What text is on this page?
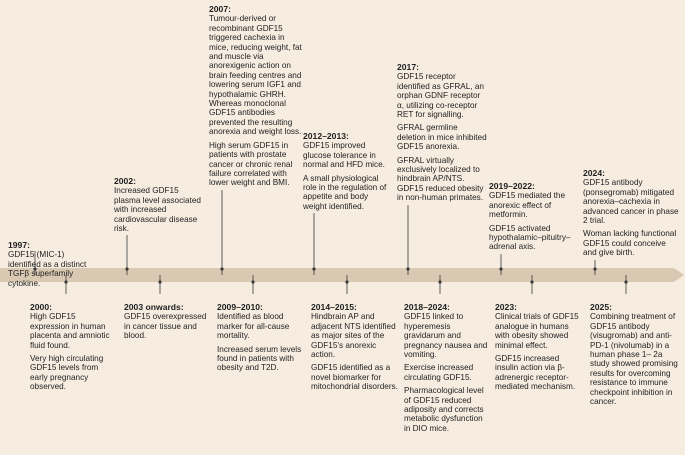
1997:
GDF15 (MIC-1) identified as a distinct TGFβ superfamily cytokine.
2002:
Increased GDF15 plasma level associated with increased cardiovascular disease risk.
2007:
Tumour-derived or recombinant GDF15 triggered cachexia in mice, reducing weight, fat and muscle via anorexigenic action on brain feeding centres and lowering serum IGF1 and hypothalamic GHRH. Whereas monoclonal GDF15 antibodies prevented the resulting anorexia and weight loss.
High serum GDF15 in patients with prostate cancer or chronic renal failure correlated with lower weight and BMI.
2012–2013:
GDF15 improved glucose tolerance in normal and HFD mice.
A small physiological role in the regulation of appetite and body weight identified.
2017:
GDF15 receptor identified as GFRAL, an orphan GDNF receptor α, utilizing co-receptor RET for signalling.
GFRAL germline deletion in mice inhibited GDF15 anorexia.
GFRAL virtually exclusively localized to hindbrain AP/NTS. GDF15 reduced obesity in non-human primates.
2019–2022:
GDF15 mediated the anorexic effect of metformin.
GDF15 activated hypothalamic–pituitry–adrenal axis.
2024:
GDF15 antibody (ponsegromab) mitigated anorexia–cachexia in advanced cancer in phase 2 trial.
Woman lacking functional GDF15 could conceive and give birth.
2000:
High GDF15 expression in human placenta and amniotic fluid found.
Very high circulating GDF15 levels from early pregnancy observed.
2003 onwards:
GDF15 overexpressed in cancer tissue and blood.
2009–2010:
Identified as blood marker for all-cause mortality.
Increased serum levels found in patients with obesity and T2D.
2014–2015:
Hindbrain AP and adjacent NTS identified as major sites of the GDF15's anorexic action.
GDF15 identified as a novel biomarker for mitochondrial disorders.
2018–2024:
GDF15 linked to hyperemesis gravidarum and pregnancy nausea and vomiting.
Exercise increased circulating GDF15.
Pharmacological level of GDF15 reduced adiposity and corrects metabolic dysfunction in DIO mice.
2023:
Clinical trials of GDF15 analogue in humans with obesity showed minimal effect.
GDF15 increased insulin action via β-adrenergic receptor-mediated mechanism.
2025:
Combining treatment of GDF15 antibody (visugromab) and anti-PD-1 (nivolumab) in a human phase 1– 2a study showed promising results for overcoming resistance to immune checkpoint inhibition in cancer.
